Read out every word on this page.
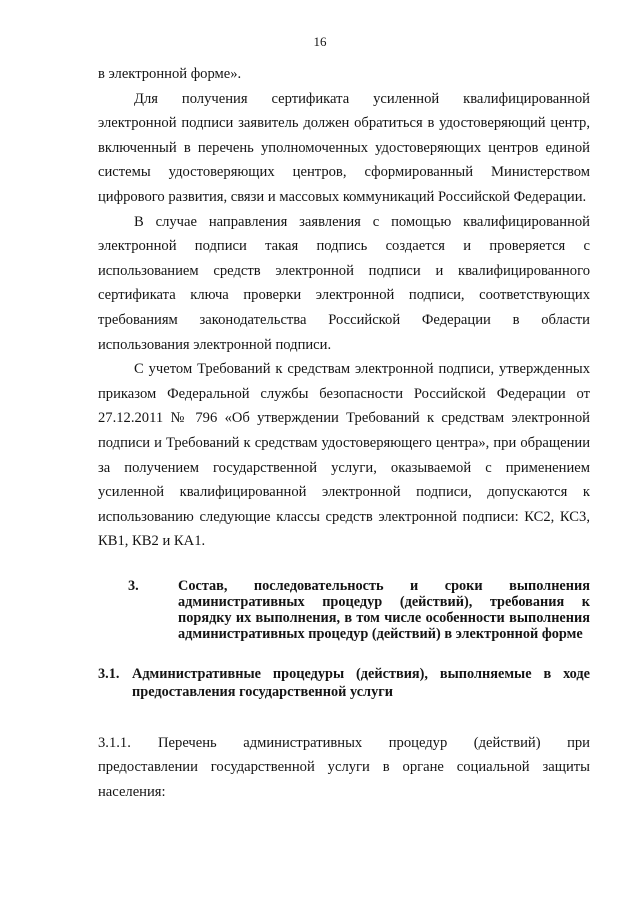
16

в электронной форме».

Для получения сертификата усиленной квалифицированной электронной подписи заявитель должен обратиться в удостоверяющий центр, включенный в перечень уполномоченных удостоверяющих центров единой системы удостоверяющих центров, сформированный Министерством цифрового развития, связи и массовых коммуникаций Российской Федерации.

В случае направления заявления с помощью квалифицированной электронной подписи такая подпись создается и проверяется с использованием средств электронной подписи и квалифицированного сертификата ключа проверки электронной подписи, соответствующих требованиям законодательства Российской Федерации в области использования электронной подписи.

С учетом Требований к средствам электронной подписи, утвержденных приказом Федеральной службы безопасности Российской Федерации от 27.12.2011 № 796 «Об утверждении Требований к средствам электронной подписи и Требований к средствам удостоверяющего центра», при обращении за получением государственной услуги, оказываемой с применением усиленной квалифицированной электронной подписи, допускаются к использованию следующие классы средств электронной подписи: КС2, КС3, КВ1, КВ2 и КА1.

3.	Состав, последовательность и сроки выполнения административных процедур (действий), требования к порядку их выполнения, в том числе особенности выполнения административных процедур (действий) в электронной форме
3.1. Административные процедуры (действия), выполняемые в ходе предоставления государственной услуги

3.1.1. Перечень административных процедур (действий) при предоставлении государственной услуги в органе социальной защиты населения:
